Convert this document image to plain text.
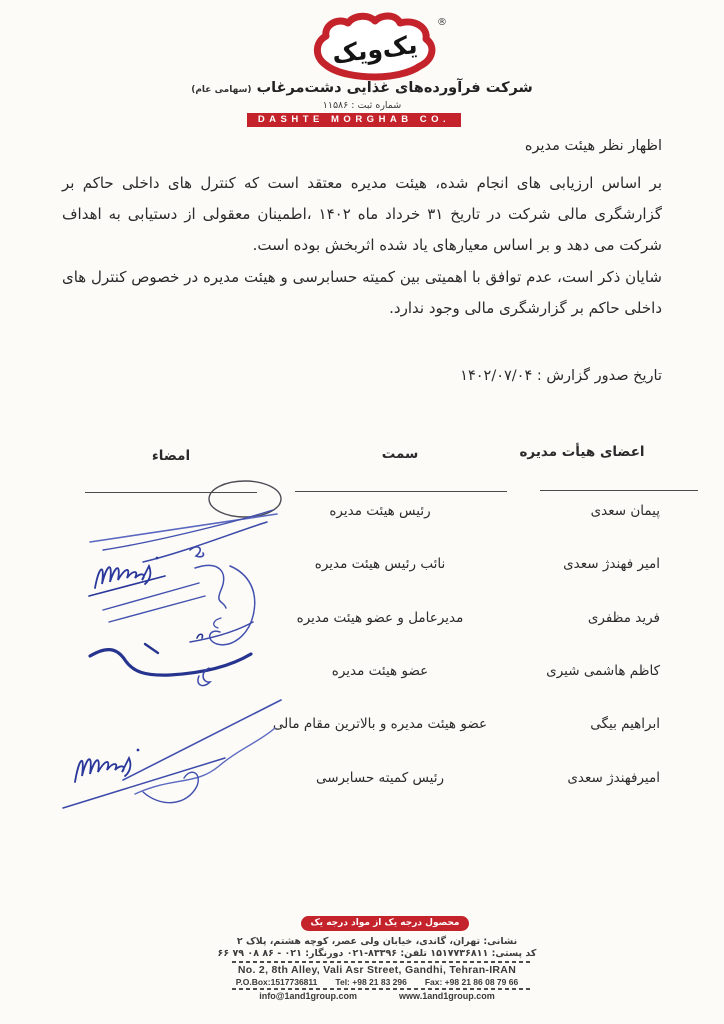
یک‌ویک
®
شرکت فرآورده‌های غذایی دشت‌مرغاب (سهامی عام)
شماره ثبت : ۱۱۵۸۶
DASHTE MORGHAB CO.
اظهار نظر هیئت مدیره
بر اساس ارزیابی های انجام شده، هیئت مدیره معتقد است که کنترل های داخلی حاکم بر گزارشگری مالی شرکت در تاریخ ۳۱ خرداد ماه ۱۴۰۲ ،اطمینان معقولی از دستیابی به اهداف شرکت می دهد و بر اساس معیارهای یاد شده اثربخش بوده است.
شایان ذکر است، عدم توافق با اهمیتی بین کمیته حسابرسی و هیئت مدیره در خصوص کنترل های داخلی حاکم بر گزارشگری مالی وجود ندارد.
تاریخ صدور گزارش : ۱۴۰۲/۰۷/۰۴
اعضای هیأت مدیره
سمت
امضاء
پیمان سعدی
رئیس هیئت مدیره
امیر فهندژ سعدی
نائب رئیس هیئت مدیره
فرید مظفری
مدیرعامل و عضو هیئت مدیره
کاظم هاشمی شیری
عضو هیئت مدیره
ابراهیم بیگی
عضو هیئت مدیره و بالاترین مقام مالی
امیرفهندژ سعدی
رئیس کمیته حسابرسی
محصول درجه یک از مواد درجه یک
نشانی: تهران، گاندی، خیابان ولی عصر، کوچه هشتم، پلاک ۲
کد پستی: ۱۵۱۷۷۳۶۸۱۱ تلفن: ۸۳۳۹۶-۰۲۱ دورنگار: ۰۲۱ - ۸۶ ۰۸ ۷۹ ۶۶
No. 2, 8th Alley, Vali Asr Street, Gandhi, Tehran-IRAN
P.O.Box:1517736811 Tel: +98 21 83 296 Fax: +98 21 86 08 79 66
info@1and1group.com	www.1and1group.com
